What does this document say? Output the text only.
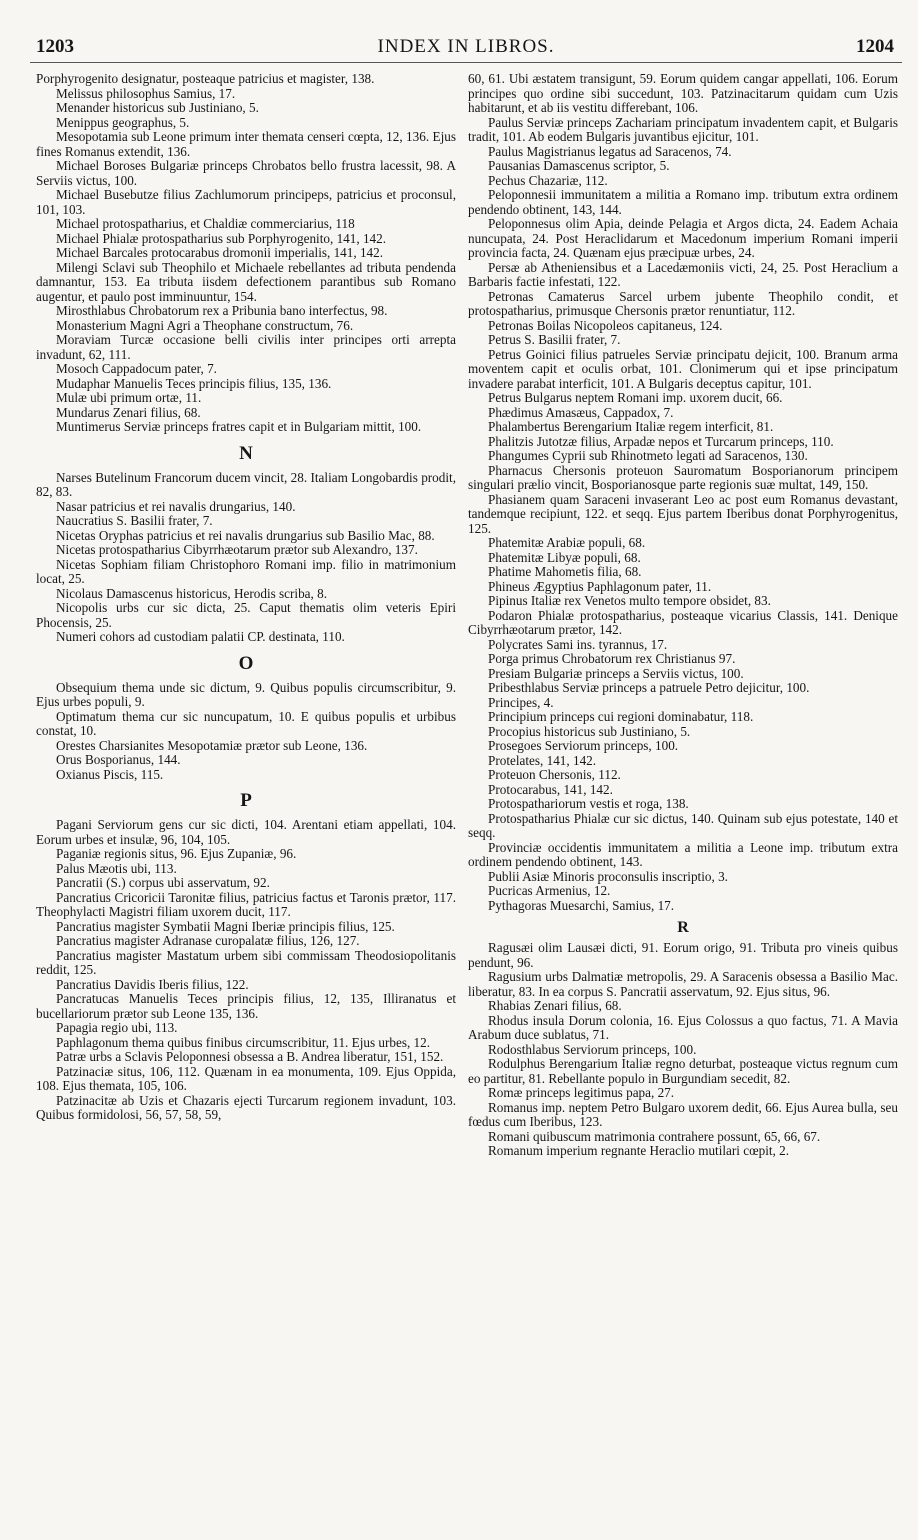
1203	INDEX IN LIBROS.	1204

Porphyrogenito designatur, posteaque patricius et magister, 138.

Melissus philosophus Samius, 17.

Menander historicus sub Justiniano, 5.

Menippus geographus, 5.

Mesopotamia sub Leone primum inter themata censeri cœpta, 12, 136. Ejus fines Romanus extendit, 136.

Michael Boroses Bulgariæ princeps Chrobatos bello frustra lacessit, 98. A Serviis victus, 100.

Michael Busebutze filius Zachlumorum principeps, patricius et proconsul, 101, 103.

Michael protospatharius, et Chaldiæ commerciarius, 118

Michael Phialæ protospatharius sub Porphyrogenito, 141, 142.

Michael Barcales protocarabus dromonii imperialis, 141, 142.

Milengi Sclavi sub Theophilo et Michaele rebellantes ad tributa pendenda damnantur, 153. Ea tributa iisdem defectionem parantibus sub Romano augentur, et paulo post imminuuntur, 154.

Mirosthlabus Chrobatorum rex a Pribunia bano interfectus, 98.

Monasterium Magni Agri a Theophane constructum, 76.

Moraviam Turcæ occasione belli civilis inter principes orti arrepta invadunt, 62, 111.

Mosoch Cappadocum pater, 7.

Mudaphar Manuelis Teces principis filius, 135, 136.

Mulæ ubi primum ortæ, 11.

Mundarus Zenari filius, 68.

Muntimerus Serviæ princeps fratres capit et in Bulgariam mittit, 100.

N

Narses Butelinum Francorum ducem vincit, 28. Italiam Longobardis prodit, 82, 83.

Nasar patricius et rei navalis drungarius, 140.

Naucratius S. Basilii frater, 7.

Nicetas Oryphas patricius et rei navalis drungarius sub Basilio Mac, 88.

Nicetas protospatharius Cibyrrhæotarum prætor sub Alexandro, 137.

Nicetas Sophiam filiam Christophoro Romani imp. filio in matrimonium locat, 25.

Nicolaus Damascenus historicus, Herodis scriba, 8.

Nicopolis urbs cur sic dicta, 25. Caput thematis olim veteris Epiri Phocensis, 25.

Numeri cohors ad custodiam palatii CP. destinata, 110.

O

Obsequium thema unde sic dictum, 9. Quibus populis circumscribitur, 9. Ejus urbes populi, 9.

Optimatum thema cur sic nuncupatum, 10. E quibus populis et urbibus constat, 10.

Orestes Charsianites Mesopotamiæ prætor sub Leone, 136.

Orus Bosporianus, 144.

Oxianus Piscis, 115.

P

Pagani Serviorum gens cur sic dicti, 104. Arentani etiam appellati, 104. Eorum urbes et insulæ, 96, 104, 105.

Paganiæ regionis situs, 96. Ejus Zupaniæ, 96.

Palus Mæotis ubi, 113.

Pancratii (S.) corpus ubi asservatum, 92.

Pancratius Cricoricii Taronitæ filius, patricius factus et Taronis prætor, 117. Theophylacti Magistri filiam uxorem ducit, 117.

Pancratius magister Symbatii Magni Iberiæ principis filius, 125.

Pancratius magister Adranase curopalatæ filius, 126, 127.

Pancratius magister Mastatum urbem sibi commissam Theodosiopolitanis reddit, 125.

Pancratius Davidis Iberis filius, 122.

Pancratucas Manuelis Teces principis filius, 12, 135, Illiranatus et bucellariorum prætor sub Leone 135, 136.

Papagia regio ubi, 113.

Paphlagonum thema quibus finibus circumscribitur, 11. Ejus urbes, 12.

Patræ urbs a Sclavis Peloponnesi obsessa a B. Andrea liberatur, 151, 152.

Patzinaciæ situs, 106, 112. Quænam in ea monumenta, 109. Ejus Oppida, 108. Ejus themata, 105, 106.

Patzinacitæ ab Uzis et Chazaris ejecti Turcarum regionem invadunt, 103. Quibus formidolosi, 56, 57, 58, 59,

60, 61. Ubi æstatem transigunt, 59. Eorum quidem cangar appellati, 106. Eorum principes quo ordine sibi succedunt, 103. Patzinacitarum quidam cum Uzis habitarunt, et ab iis vestitu differebant, 106.

Paulus Serviæ princeps Zachariam principatum invadentem capit, et Bulgaris tradit, 101. Ab eodem Bulgaris juvantibus ejicitur, 101.

Paulus Magistrianus legatus ad Saracenos, 74.

Pausanias Damascenus scriptor, 5.

Pechus Chazariæ, 112.

Peloponnesii immunitatem a militia a Romano imp. tributum extra ordinem pendendo obtinent, 143, 144.

Peloponnesus olim Apia, deinde Pelagia et Argos dicta, 24. Eadem Achaia nuncupata, 24. Post Heraclidarum et Macedonum imperium Romani imperii provincia facta, 24. Quænam ejus præcipuæ urbes, 24.

Persæ ab Atheniensibus et a Lacedæmoniis victi, 24, 25. Post Heraclium a Barbaris factie infestati, 122.

Petronas Camaterus Sarcel urbem jubente Theophilo condit, et protospatharius, primusque Chersonis prætor renuntiatur, 112.

Petronas Boilas Nicopoleos capitaneus, 124.

Petrus S. Basilii frater, 7.

Petrus Goinici filius patrueles Serviæ principatu dejicit, 100. Branum arma moventem capit et oculis orbat, 101. Clonimerum qui et ipse principatum invadere parabat interficit, 101. A Bulgaris deceptus capitur, 101.

Petrus Bulgarus neptem Romani imp. uxorem ducit, 66.

Phædimus Amasæus, Cappadox, 7.

Phalambertus Berengarium Italiæ regem interficit, 81.

Phalitzis Jutotzæ filius, Arpadæ nepos et Turcarum princeps, 110.

Phangumes Cyprii sub Rhinotmeto legati ad Saracenos, 130.

Pharnacus Chersonis proteuon Sauromatum Bosporianorum principem singulari prælio vincit, Bosporianosque parte regionis suæ multat, 149, 150.

Phasianem quam Saraceni invaserant Leo ac post eum Romanus devastant, tandemque recipiunt, 122. et seqq. Ejus partem Iberibus donat Porphyrogenitus, 125.

Phatemitæ Arabiæ populi, 68.

Phatemitæ Libyæ populi, 68.

Phatime Mahometis filia, 68.

Phineus Ægyptius Paphlagonum pater, 11.

Pipinus Italiæ rex Venetos multo tempore obsidet, 83.

Podaron Phialæ protospatharius, posteaque vicarius Classis, 141. Denique Cibyrrhæotarum prætor, 142.

Polycrates Sami ins. tyrannus, 17.

Porga primus Chrobatorum rex Christianus 97.

Presiam Bulgariæ princeps a Serviis victus, 100.

Pribesthlabus Serviæ princeps a patruele Petro dejicitur, 100.

Principes, 4.

Principium princeps cui regioni dominabatur, 118.

Procopius historicus sub Justiniano, 5.

Prosegoes Serviorum princeps, 100.

Protelates, 141, 142.

Proteuon Chersonis, 112.

Protocarabus, 141, 142.

Protospathariorum vestis et roga, 138.

Protospatharius Phialæ cur sic dictus, 140. Quinam sub ejus potestate, 140 et seqq.

Provinciæ occidentis immunitatem a militia a Leone imp. tributum extra ordinem pendendo obtinent, 143.

Publii Asiæ Minoris proconsulis inscriptio, 3.

Pucricas Armenius, 12.

Pythagoras Muesarchi, Samius, 17.

R

Ragusæi olim Lausæi dicti, 91. Eorum origo, 91. Tributa pro vineis quibus pendunt, 96.

Ragusium urbs Dalmatiæ metropolis, 29. A Saracenis obsessa a Basilio Mac. liberatur, 83. In ea corpus S. Pancratii asservatum, 92. Ejus situs, 96.

Rhabias Zenari filius, 68.

Rhodus insula Dorum colonia, 16. Ejus Colossus a quo factus, 71. A Mavia Arabum duce sublatus, 71.

Rodosthlabus Serviorum princeps, 100.

Rodulphus Berengarium Italiæ regno deturbat, posteaque victus regnum cum eo partitur, 81. Rebellante populo in Burgundiam secedit, 82.

Romæ princeps legitimus papa, 27.

Romanus imp. neptem Petro Bulgaro uxorem dedit, 66. Ejus Aurea bulla, seu fœdus cum Iberibus, 123.

Romani quibuscum matrimonia contrahere possunt, 65, 66, 67.

Romanum imperium regnante Heraclio mutilari cœpit, 2.
